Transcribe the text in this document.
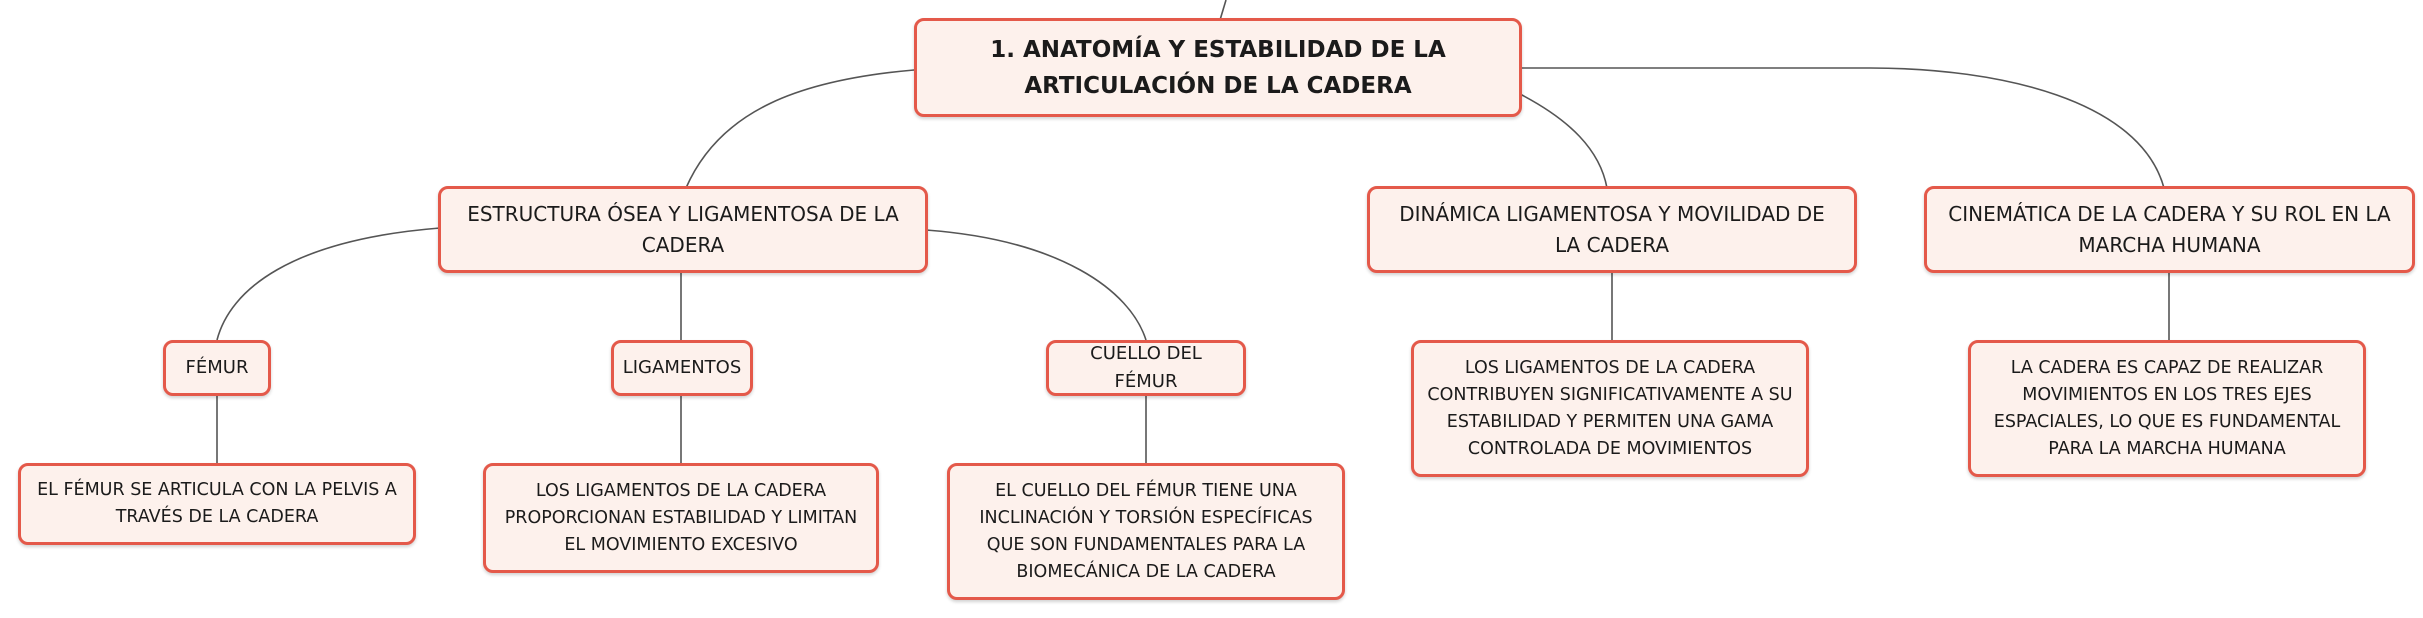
1. ANATOMÍA Y ESTABILIDAD DE LA ARTICULACIÓN DE LA CADERA
ESTRUCTURA ÓSEA Y LIGAMENTOSA DE LA CADERA
DINÁMICA LIGAMENTOSA Y MOVILIDAD DE LA CADERA
CINEMÁTICA DE LA CADERA Y SU ROL EN LA MARCHA HUMANA
FÉMUR	LIGAMENTOS
CUELLO DEL FÉMUR
EL FÉMUR SE ARTICULA CON LA PELVIS A TRAVÉS DE LA CADERA
LOS LIGAMENTOS DE LA CADERA PROPORCIONAN ESTABILIDAD Y LIMITAN EL MOVIMIENTO EXCESIVO
EL CUELLO DEL FÉMUR TIENE UNA INCLINACIÓN Y TORSIÓN ESPECÍFICAS QUE SON FUNDAMENTALES PARA LA BIOMECÁNICA DE LA CADERA
LOS LIGAMENTOS DE LA CADERA CONTRIBUYEN SIGNIFICATIVAMENTE A SU ESTABILIDAD Y PERMITEN UNA GAMA CONTROLADA DE MOVIMIENTOS
LA CADERA ES CAPAZ DE REALIZAR MOVIMIENTOS EN LOS TRES EJES ESPACIALES, LO QUE ES FUNDAMENTAL PARA LA MARCHA HUMANA
